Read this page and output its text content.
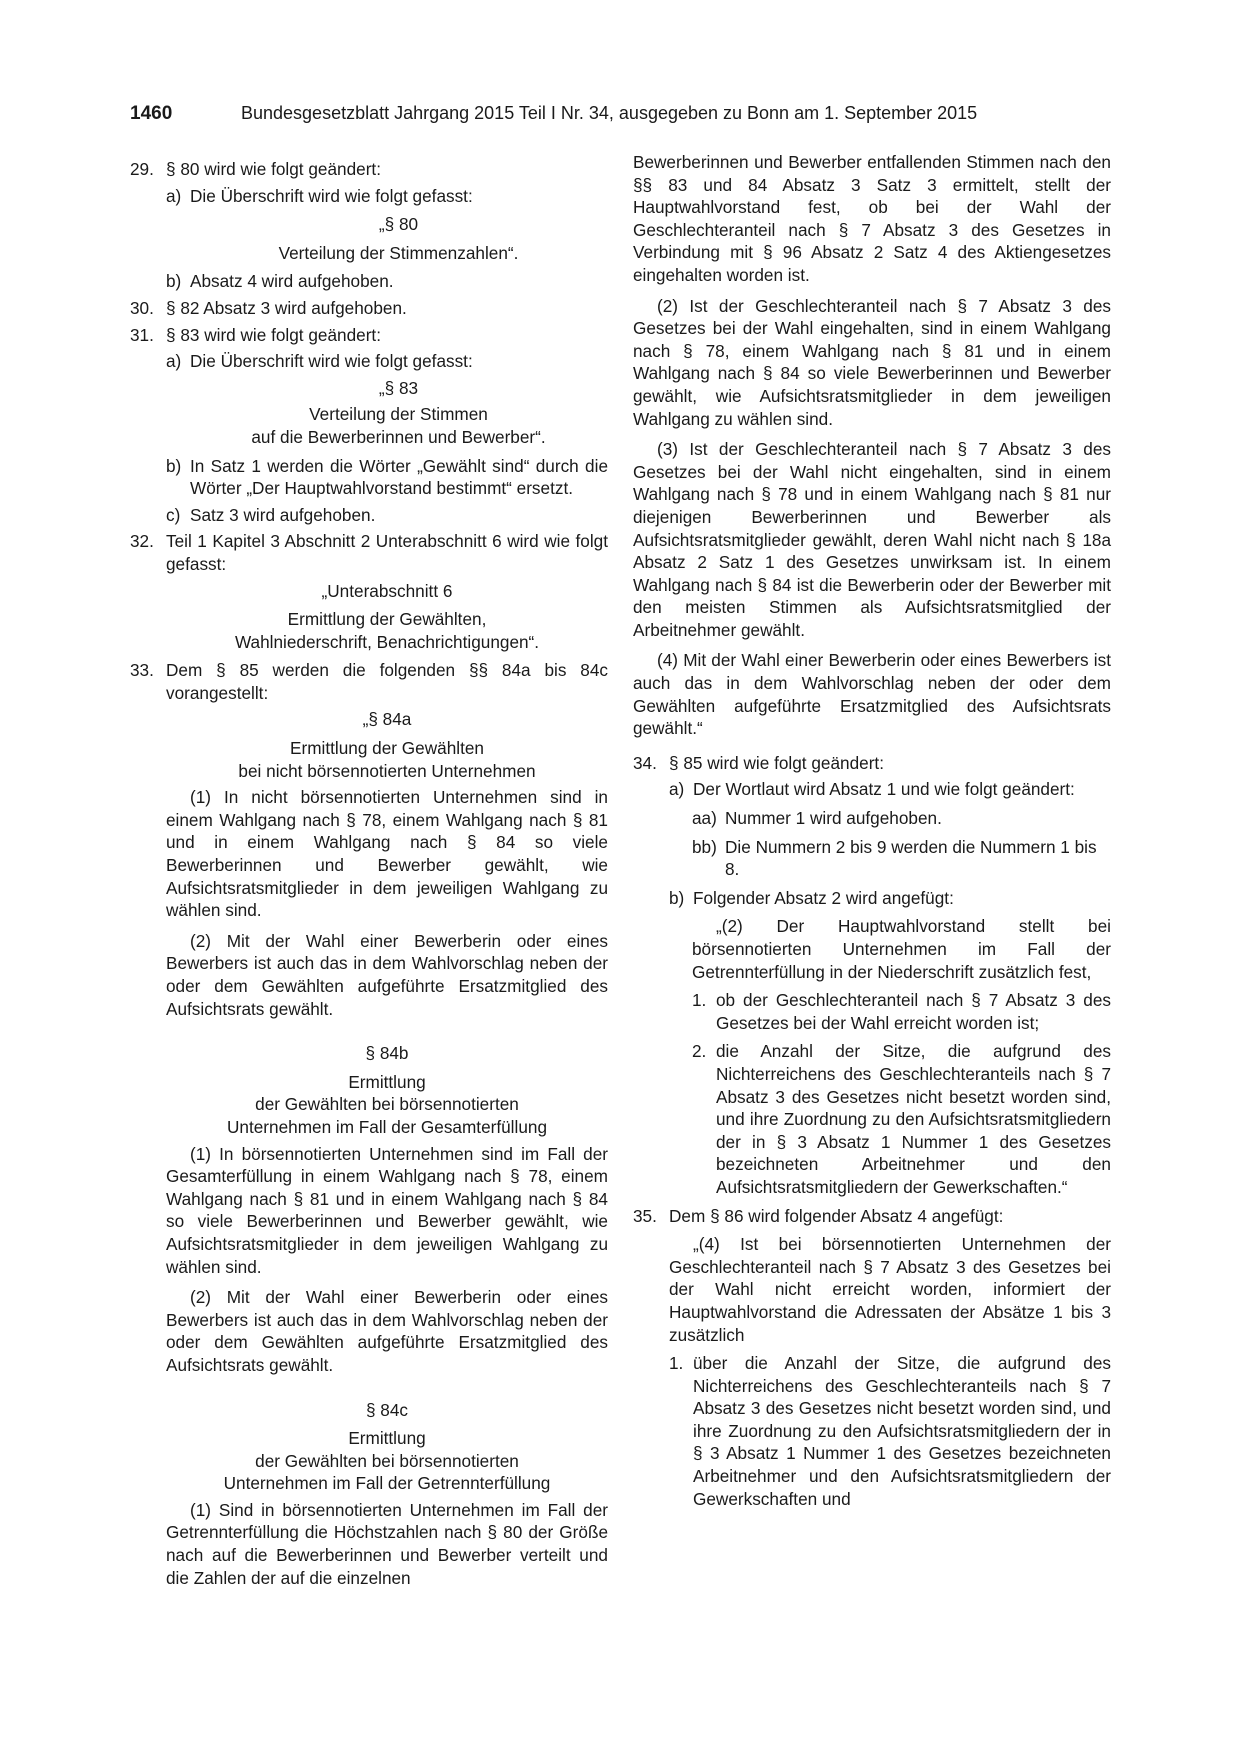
1460	Bundesgesetzblatt Jahrgang 2015 Teil I Nr. 34, ausgegeben zu Bonn am 1. September 2015
29. § 80 wird wie folgt geändert:
a) Die Überschrift wird wie folgt gefasst:
„§ 80
Verteilung der Stimmenzahlen“.
b) Absatz 4 wird aufgehoben.
30. § 82 Absatz 3 wird aufgehoben.
31. § 83 wird wie folgt geändert:
a) Die Überschrift wird wie folgt gefasst:
„§ 83
Verteilung der Stimmen
auf die Bewerberinnen und Bewerber“.
b) In Satz 1 werden die Wörter „Gewählt sind“ durch die Wörter „Der Hauptwahlvorstand bestimmt“ ersetzt.
c) Satz 3 wird aufgehoben.
32. Teil 1 Kapitel 3 Abschnitt 2 Unterabschnitt 6 wird wie folgt gefasst:
„Unterabschnitt 6
Ermittlung der Gewählten,
Wahlniederschrift, Benachrichtigungen“.
33. Dem § 85 werden die folgenden §§ 84a bis 84c vorangestellt:
„§ 84a
Ermittlung der Gewählten
bei nicht börsennotierten Unternehmen
(1) In nicht börsennotierten Unternehmen sind in einem Wahlgang nach § 78, einem Wahlgang nach § 81 und in einem Wahlgang nach § 84 so viele Bewerberinnen und Bewerber gewählt, wie Aufsichtsratsmitglieder in dem jeweiligen Wahlgang zu wählen sind.
(2) Mit der Wahl einer Bewerberin oder eines Bewerbers ist auch das in dem Wahlvorschlag neben der oder dem Gewählten aufgeführte Ersatzmitglied des Aufsichtsrats gewählt.
§ 84b
Ermittlung
der Gewählten bei börsennotierten
Unternehmen im Fall der Gesamterfüllung
(1) In börsennotierten Unternehmen sind im Fall der Gesamterfüllung in einem Wahlgang nach § 78, einem Wahlgang nach § 81 und in einem Wahlgang nach § 84 so viele Bewerberinnen und Bewerber gewählt, wie Aufsichtsratsmitglieder in dem jeweiligen Wahlgang zu wählen sind.
(2) Mit der Wahl einer Bewerberin oder eines Bewerbers ist auch das in dem Wahlvorschlag neben der oder dem Gewählten aufgeführte Ersatzmitglied des Aufsichtsrats gewählt.
§ 84c
Ermittlung
der Gewählten bei börsennotierten
Unternehmen im Fall der Getrennterfüllung
(1) Sind in börsennotierten Unternehmen im Fall der Getrennterfüllung die Höchstzahlen nach § 80 der Größe nach auf die Bewerberinnen und Bewerber verteilt und die Zahlen der auf die einzelnen
Bewerberinnen und Bewerber entfallenden Stimmen nach den §§ 83 und 84 Absatz 3 Satz 3 ermittelt, stellt der Hauptwahlvorstand fest, ob bei der Wahl der Geschlechteranteil nach § 7 Absatz 3 des Gesetzes in Verbindung mit § 96 Absatz 2 Satz 4 des Aktiengesetzes eingehalten worden ist.
(2) Ist der Geschlechteranteil nach § 7 Absatz 3 des Gesetzes bei der Wahl eingehalten, sind in einem Wahlgang nach § 78, einem Wahlgang nach § 81 und in einem Wahlgang nach § 84 so viele Bewerberinnen und Bewerber gewählt, wie Aufsichtsratsmitglieder in dem jeweiligen Wahlgang zu wählen sind.
(3) Ist der Geschlechteranteil nach § 7 Absatz 3 des Gesetzes bei der Wahl nicht eingehalten, sind in einem Wahlgang nach § 78 und in einem Wahlgang nach § 81 nur diejenigen Bewerberinnen und Bewerber als Aufsichtsratsmitglieder gewählt, deren Wahl nicht nach § 18a Absatz 2 Satz 1 des Gesetzes unwirksam ist. In einem Wahlgang nach § 84 ist die Bewerberin oder der Bewerber mit den meisten Stimmen als Aufsichtsratsmitglied der Arbeitnehmer gewählt.
(4) Mit der Wahl einer Bewerberin oder eines Bewerbers ist auch das in dem Wahlvorschlag neben der oder dem Gewählten aufgeführte Ersatzmitglied des Aufsichtsrats gewählt.“
34. § 85 wird wie folgt geändert:
a) Der Wortlaut wird Absatz 1 und wie folgt geändert:
aa) Nummer 1 wird aufgehoben.
bb) Die Nummern 2 bis 9 werden die Nummern 1 bis 8.
b) Folgender Absatz 2 wird angefügt:
„(2) Der Hauptwahlvorstand stellt bei börsennotierten Unternehmen im Fall der Getrennterfüllung in der Niederschrift zusätzlich fest,
1. ob der Geschlechteranteil nach § 7 Absatz 3 des Gesetzes bei der Wahl erreicht worden ist;
2. die Anzahl der Sitze, die aufgrund des Nichterreichens des Geschlechteranteils nach § 7 Absatz 3 des Gesetzes nicht besetzt worden sind, und ihre Zuordnung zu den Aufsichtsratsmitgliedern der in § 3 Absatz 1 Nummer 1 des Gesetzes bezeichneten Arbeitnehmer und den Aufsichtsratsmitgliedern der Gewerkschaften.“
35. Dem § 86 wird folgender Absatz 4 angefügt:
„(4) Ist bei börsennotierten Unternehmen der Geschlechteranteil nach § 7 Absatz 3 des Gesetzes bei der Wahl nicht erreicht worden, informiert der Hauptwahlvorstand die Adressaten der Absätze 1 bis 3 zusätzlich
1. über die Anzahl der Sitze, die aufgrund des Nichterreichens des Geschlechteranteils nach § 7 Absatz 3 des Gesetzes nicht besetzt worden sind, und ihre Zuordnung zu den Aufsichtsratsmitgliedern der in § 3 Absatz 1 Nummer 1 des Gesetzes bezeichneten Arbeitnehmer und den Aufsichtsratsmitgliedern der Gewerkschaften und
